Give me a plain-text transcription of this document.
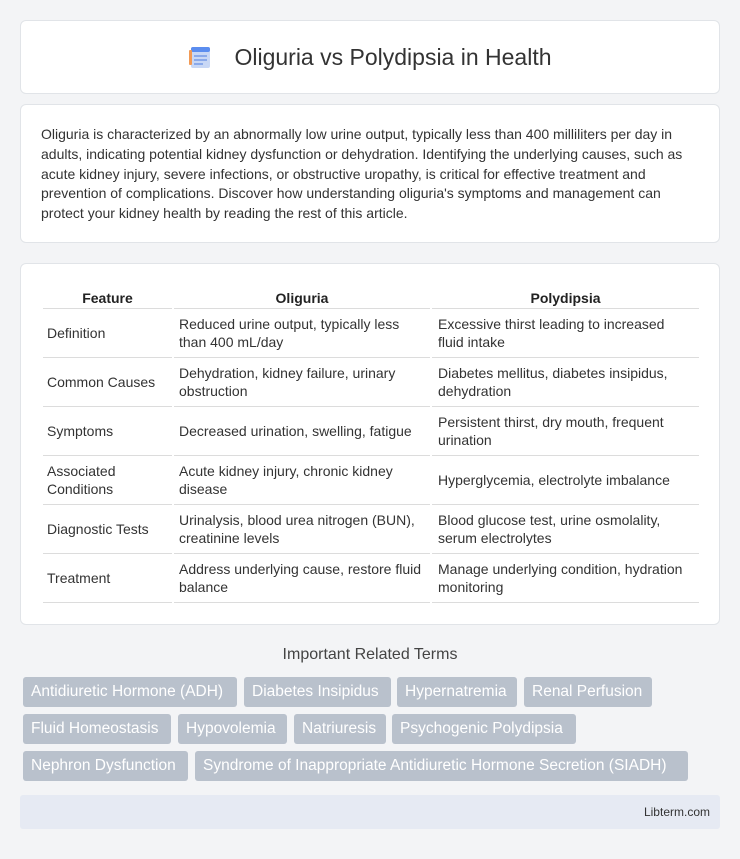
Oliguria vs Polydipsia in Health

Oliguria is characterized by an abnormally low urine output, typically less than 400 milliliters per day in adults, indicating potential kidney dysfunction or dehydration. Identifying the underlying causes, such as acute kidney injury, severe infections, or obstructive uropathy, is critical for effective treatment and prevention of complications. Discover how understanding oliguria's symptoms and management can protect your kidney health by reading the rest of this article.

Feature	Oliguria	Polydipsia
Definition	Reduced urine output, typically less than 400 mL/day	Excessive thirst leading to increased fluid intake
Common Causes	Dehydration, kidney failure, urinary obstruction	Diabetes mellitus, diabetes insipidus, dehydration
Symptoms	Decreased urination, swelling, fatigue	Persistent thirst, dry mouth, frequent urination
Associated Conditions	Acute kidney injury, chronic kidney disease	Hyperglycemia, electrolyte imbalance
Diagnostic Tests	Urinalysis, blood urea nitrogen (BUN), creatinine levels	Blood glucose test, urine osmolality, serum electrolytes
Treatment	Address underlying cause, restore fluid balance	Manage underlying condition, hydration monitoring
Important Related Terms
Antidiuretic Hormone (ADH)	Diabetes Insipidus	Hypernatremia	Renal Perfusion
Fluid Homeostasis	Hypovolemia	Natriuresis	Psychogenic Polydipsia
Nephron Dysfunction	Syndrome of Inappropriate Antidiuretic Hormone Secretion (SIADH)
Libterm.com
